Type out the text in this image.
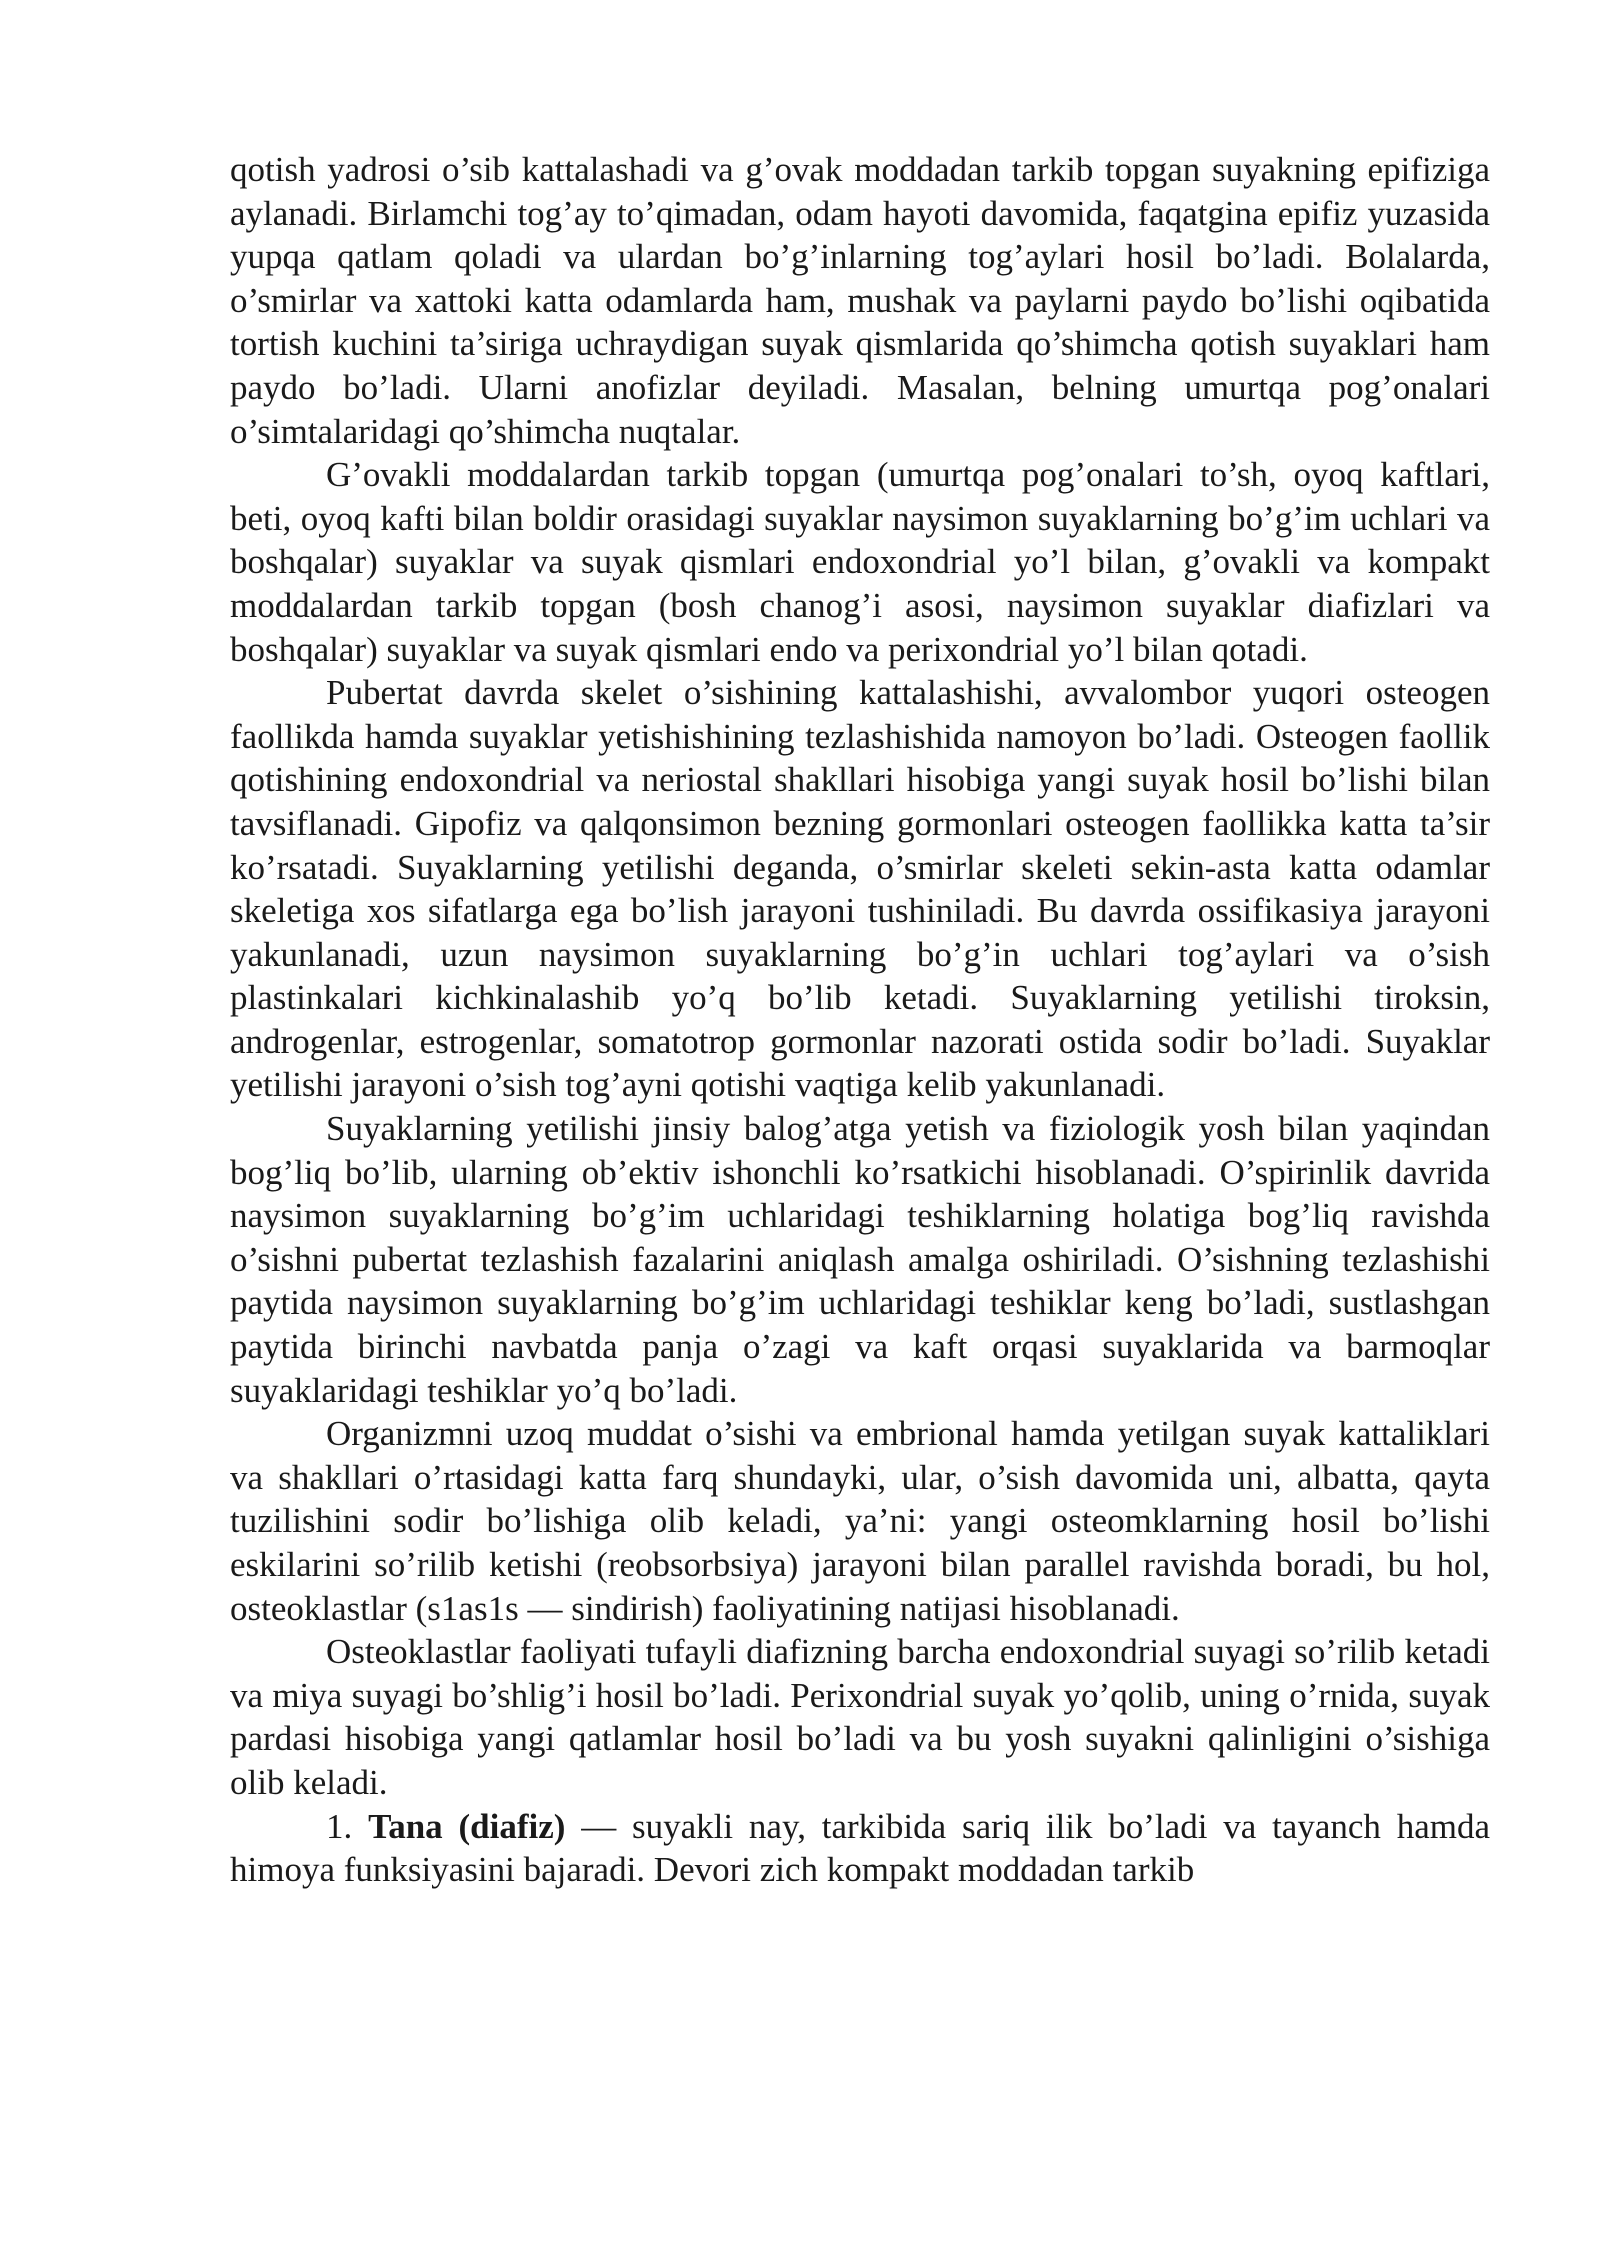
qotish yadrosi o’sib kattalashadi va g’ovak moddadan tarkib topgan suyakning epifiziga aylanadi. Birlamchi tog’ay to’qimadan, odam hayoti davomida, faqatgina epifiz yuzasida yupqa qatlam qoladi va ulardan bo’g’inlarning tog’aylari hosil bo’ladi. Bolalarda, o’smirlar va xattoki katta odamlarda ham, mushak va paylarni paydo bo’lishi oqibatida tortish kuchini ta’siriga uchraydigan suyak qismlarida qo’shimcha qotish suyaklari ham paydo bo’ladi. Ularni anofizlar deyiladi. Masalan, belning umurtqa pog’onalari o’simtalaridagi qo’shimcha nuqtalar.

G’ovakli moddalardan tarkib topgan (umurtqa pog’onalari to’sh, oyoq kaftlari, beti, oyoq kafti bilan boldir orasidagi suyaklar naysimon suyaklarning bo’g’im uchlari va boshqalar) suyaklar va suyak qismlari endoxondrial yo’l bilan, g’ovakli va kompakt moddalardan tarkib topgan (bosh chanog’i asosi, naysimon suyaklar diafizlari va boshqalar) suyaklar va suyak qismlari endo va perixondrial yo’l bilan qotadi.

Pubertat davrda skelet o’sishining kattalashishi, avvalombor yuqori osteogen faollikda hamda suyaklar yetishishining tezlashishida namoyon bo’ladi. Osteogen faollik qotishining endoxondrial va neriostal shakllari hisobiga yangi suyak hosil bo’lishi bilan tavsiflanadi. Gipofiz va qalqonsimon bezning gormonlari osteogen faollikka katta ta’sir ko’rsatadi. Suyaklarning yetilishi deganda, o’smirlar skeleti sekin-asta katta odamlar skeletiga xos sifatlarga ega bo’lish jarayoni tushiniladi. Bu davrda ossifikasiya jarayoni yakunlanadi, uzun naysimon suyaklarning bo’g’in uchlari tog’aylari va o’sish plastinkalari kichkinalashib yo’q bo’lib ketadi. Suyaklarning yetilishi tiroksin, androgenlar, estrogenlar, somatotrop gormonlar nazorati ostida sodir bo’ladi. Suyaklar yetilishi jarayoni o’sish tog’ayni qotishi vaqtiga kelib yakunlanadi.

Suyaklarning yetilishi jinsiy balog’atga yetish va fiziologik yosh bilan yaqindan bog’liq bo’lib, ularning ob’ektiv ishonchli ko’rsatkichi hisoblanadi. O’spirinlik davrida naysimon suyaklarning bo’g’im uchlaridagi teshiklarning holatiga bog’liq ravishda o’sishni pubertat tezlashish fazalarini aniqlash amalga oshiriladi. O’sishning tezlashishi paytida naysimon suyaklarning bo’g’im uchlaridagi teshiklar keng bo’ladi, sustlashgan paytida birinchi navbatda panja o’zagi va kaft orqasi suyaklarida va barmoqlar suyaklaridagi teshiklar yo’q bo’ladi.

Organizmni uzoq muddat o’sishi va embrional hamda yetilgan suyak kattaliklari va shakllari o’rtasidagi katta farq shundayki, ular, o’sish davomida uni, albatta, qayta tuzilishini sodir bo’lishiga olib keladi, ya’ni: yangi osteomklarning hosil bo’lishi eskilarini so’rilib ketishi (reobsorbsiya) jarayoni bilan parallel ravishda boradi, bu hol, osteoklastlar (s1as1s — sindirish) faoliyatining natijasi hisoblanadi.

Osteoklastlar faoliyati tufayli diafizning barcha endoxondrial suyagi so’rilib ketadi va miya suyagi bo’shlig’i hosil bo’ladi. Perixondrial suyak yo’qolib, uning o’rnida, suyak pardasi hisobiga yangi qatlamlar hosil bo’ladi va bu yosh suyakni qalinligini o’sishiga olib keladi.

1. Tana (diafiz) — suyakli nay, tarkibida sariq ilik bo’ladi va tayanch hamda himoya funksiyasini bajaradi. Devori zich kompakt moddadan tarkib
